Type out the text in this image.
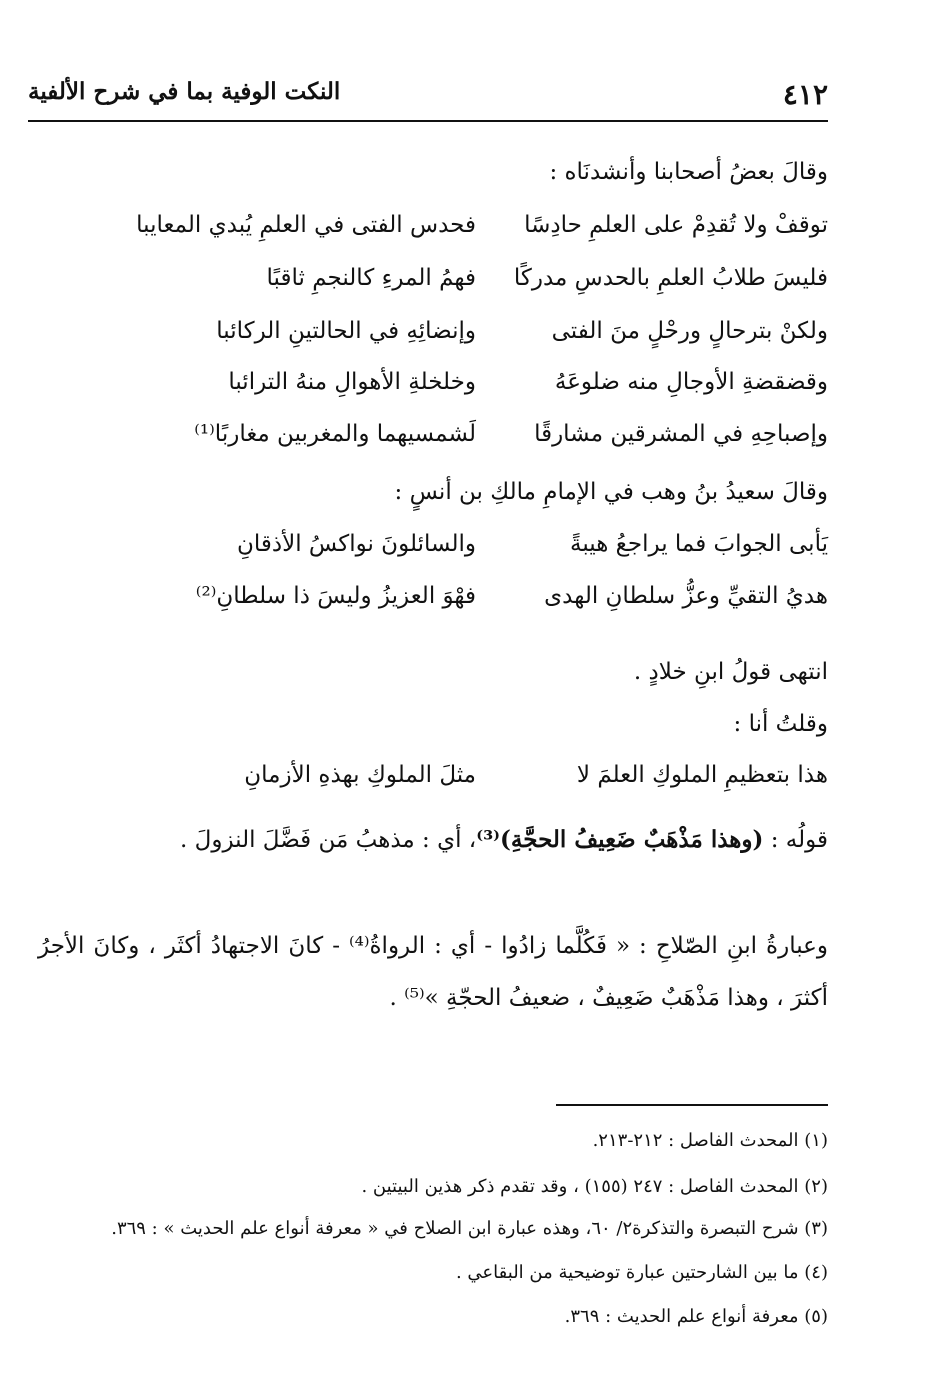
٤١٢
النكت الوفية بما في شرح الألفية
وقالَ بعضُ أصحابنا وأنشدنَاه :
توقفْ ولا تُقدِمْ على العلمِ حادِسًا
فحدس الفتى في العلمِ يُبدي المعايبا
فليسَ طلابُ العلمِ بالحدسِ مدركًا
فهمُ المرءِ كالنجمِ ثاقبًا
ولكنْ بترحالٍ ورحْلٍ منَ الفتى
وإنضائِهِ في الحالتينِ الركائبا
وقضقضةِ الأوجالِ منه ضلوعَهُ
وخلخلةِ الأهوالِ منهُ الترائبا
وإصباحِهِ في المشرقين مشارقًا
لَشمسيهما والمغربين مغاربًا⁽¹⁾
وقالَ سعيدُ بنُ وهب في الإمامِ مالكِ بن أنسٍ :
يَأبى الجوابَ فما يراجعُ هيبةً
والسائلونَ نواكسُ الأذقانِ
هديُ التقيِّ وعزُّ سلطانِ الهدى
فهْوَ العزيزُ وليسَ ذا سلطانِ⁽²⁾
انتهى قولُ ابنِ خلادٍ .
وقلتُ أنا :
هذا بتعظيمِ الملوكِ العلمَ لا
مثلَ الملوكِ بهذهِ الأزمانِ
قولُه : (وهذا مَذْهَبٌ ضَعِيفُ الحجَّةِ)⁽³⁾، أي : مذهبُ مَن فَضَّلَ النزولَ .
وعبارةُ ابنِ الصّلاحِ : « فَكُلَّما زادُوا - أي : الرواةُ⁽⁴⁾ - كانَ الاجتهادُ أكثَر ، وكانَ الأجرُ أكثرَ ، وهذا مَذْهَبٌ ضَعِيفٌ ، ضعيفُ الحجّةِ »⁽⁵⁾ .
(١) المحدث الفاصل : ٢١٢-٢١٣.
(٢) المحدث الفاصل : ٢٤٧ (١٥٥) ، وقد تقدم ذكر هذين البيتين .
(٣) شرح التبصرة والتذكرة٢/ ٦٠، وهذه عبارة ابن الصلاح في « معرفة أنواع علم الحديث » : ٣٦٩.
(٤) ما بين الشارحتين عبارة توضيحية من البقاعي .
(٥) معرفة أنواع علم الحديث : ٣٦٩.
